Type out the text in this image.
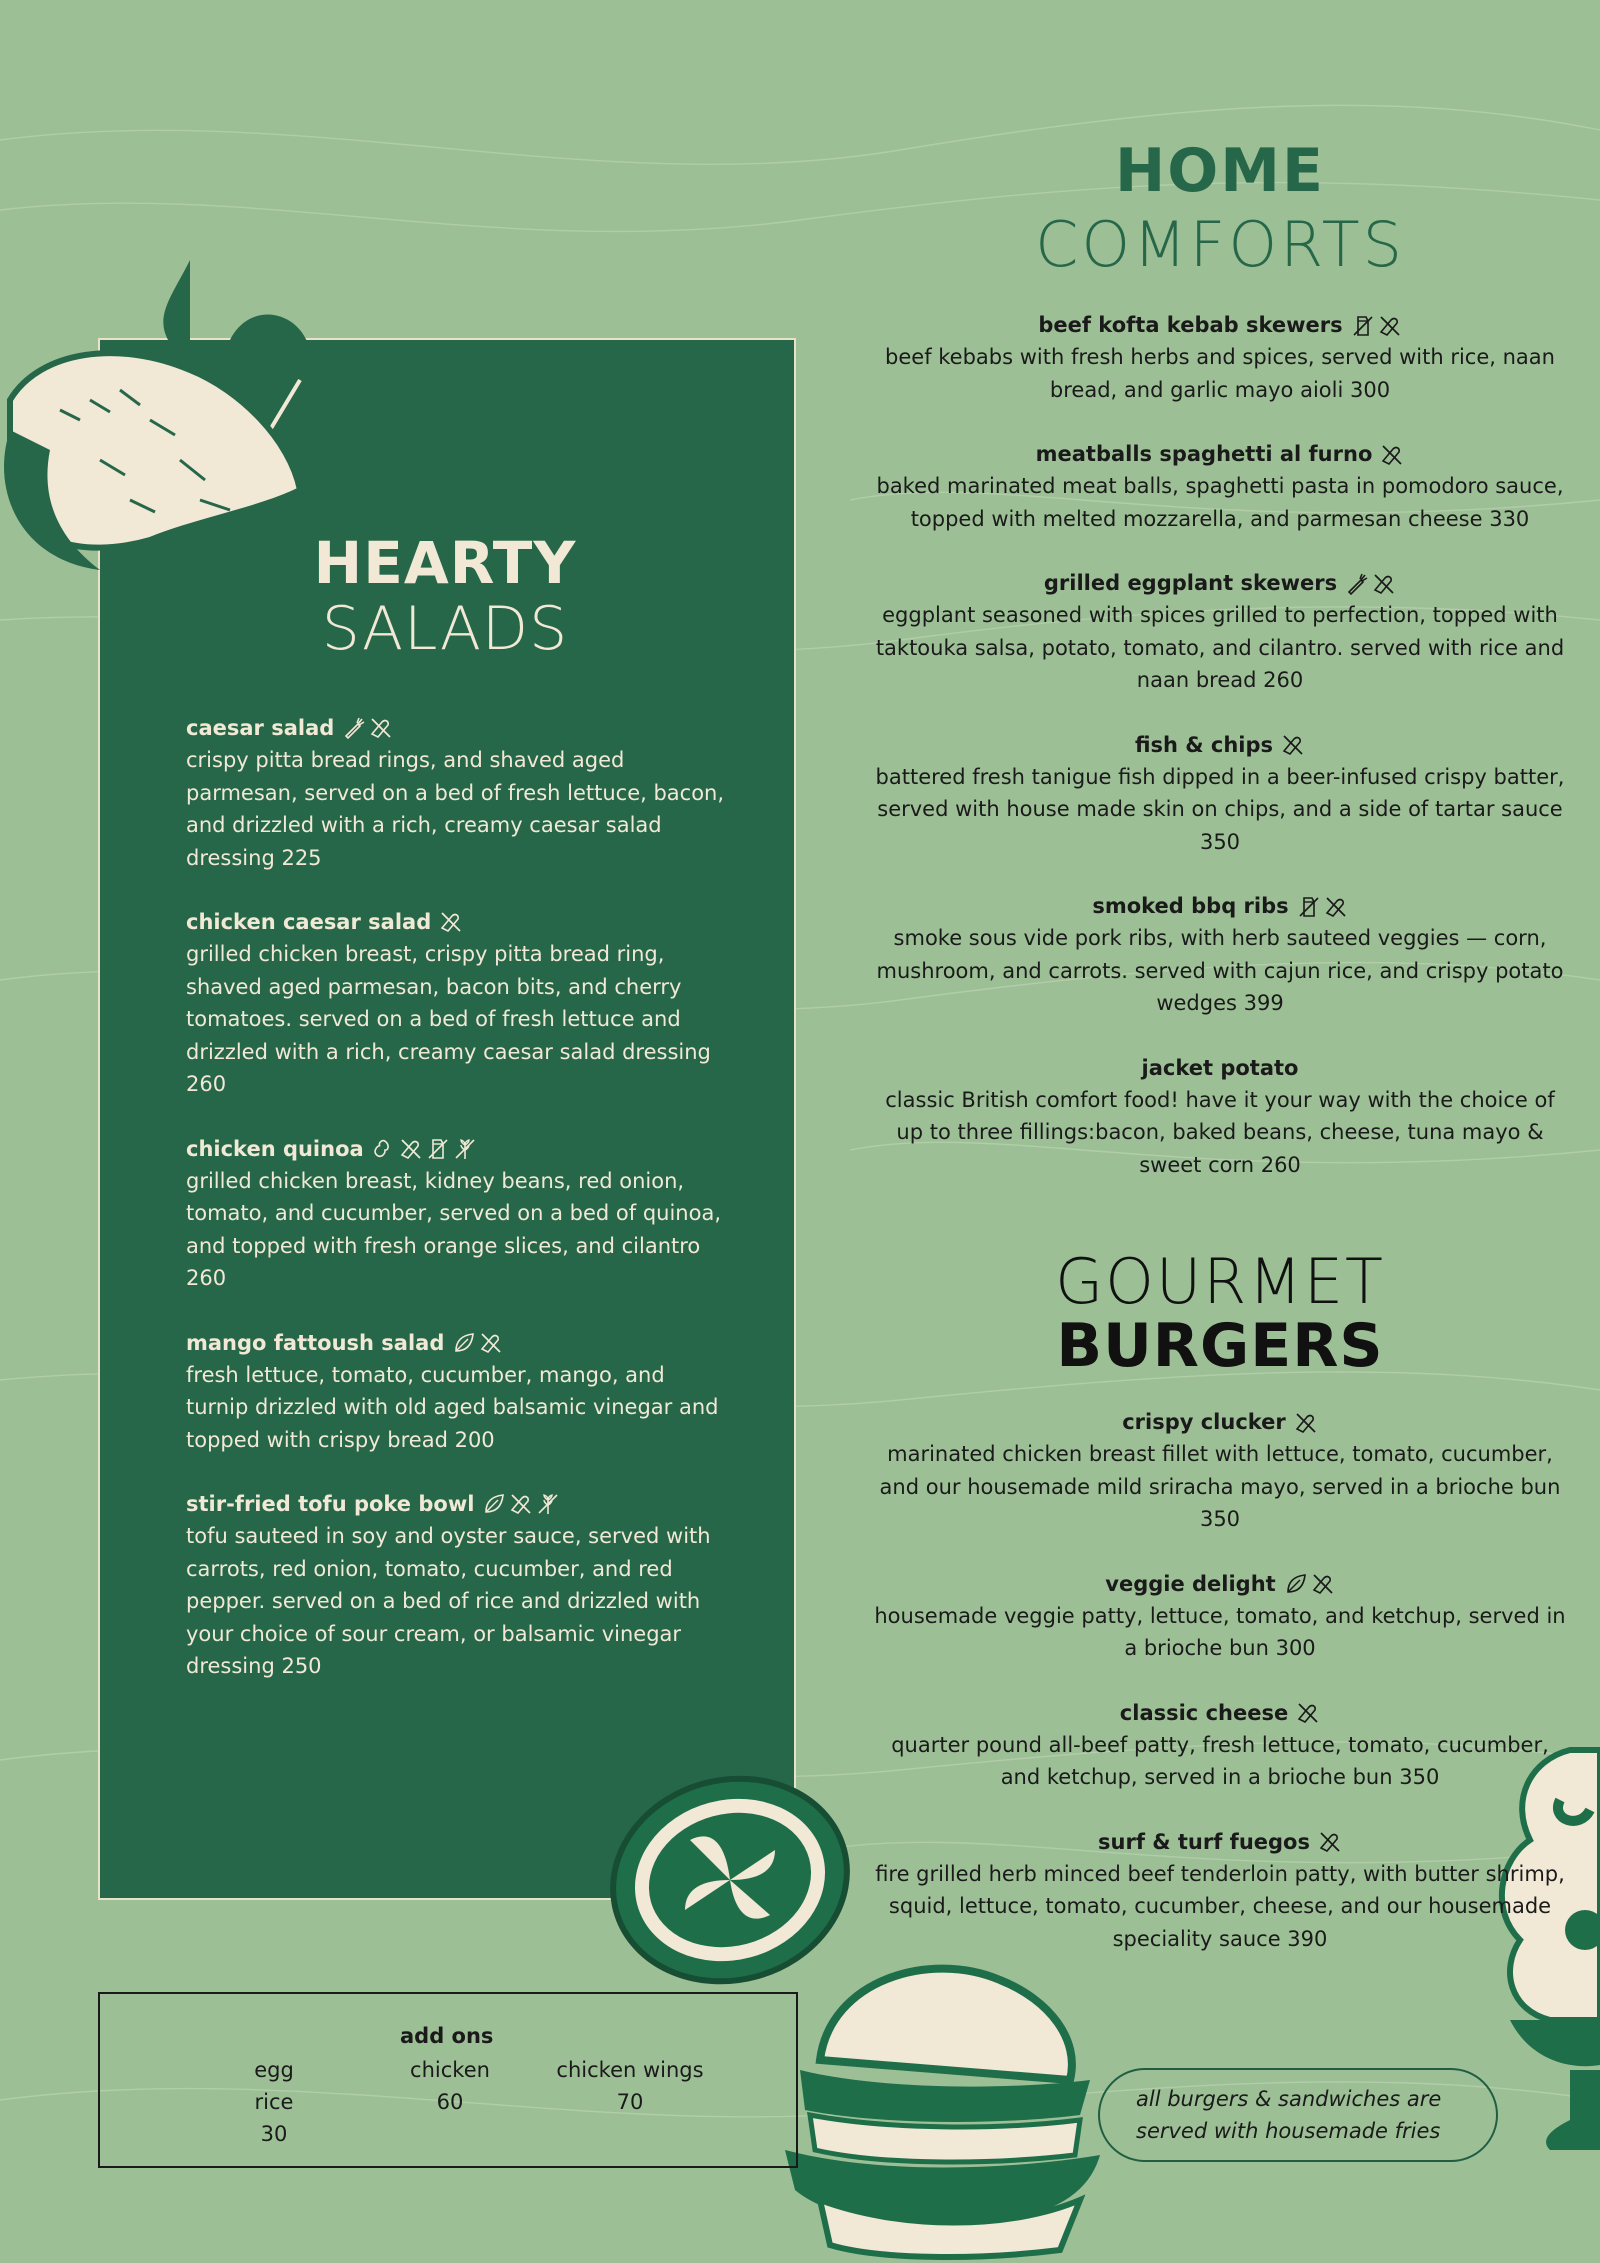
HEARTY
SALADS
caesar salad
crispy pitta bread rings, and shaved aged parmesan, served on a bed of fresh lettuce, bacon, and drizzled with a rich, creamy caesar salad dressing 225
chicken caesar salad
grilled chicken breast, crispy pitta bread ring, shaved aged parmesan, bacon bits, and cherry tomatoes. served on a bed of fresh lettuce and drizzled with a rich, creamy caesar salad dressing 260
chicken quinoa
grilled chicken breast, kidney beans, red onion, tomato, and cucumber, served on a bed of quinoa, and topped with fresh orange slices, and cilantro 260
mango fattoush salad
fresh lettuce, tomato, cucumber, mango, and turnip drizzled with old aged balsamic vinegar and topped with crispy bread 200
stir-fried tofu poke bowl
tofu sauteed in soy and oyster sauce, served with carrots, red onion, tomato, cucumber, and red pepper. served on a bed of rice and drizzled with your choice of sour cream, or balsamic vinegar dressing 250
add ons
egg
rice
30
chicken
60
chicken wings
70
HOME
COMFORTS
beef kofta kebab skewers
beef kebabs with fresh herbs and spices, served with rice, naan bread, and garlic mayo aioli 300
meatballs spaghetti al furno
baked marinated meat balls, spaghetti pasta in pomodoro sauce, topped with melted mozzarella, and parmesan cheese 330
grilled eggplant skewers
eggplant seasoned with spices grilled to perfection, topped with taktouka salsa, potato, tomato, and cilantro. served with rice and naan bread 260
fish & chips
battered fresh tanigue fish dipped in a beer-infused crispy batter, served with house made skin on chips, and a side of tartar sauce 350
smoked bbq ribs
smoke sous vide pork ribs, with herb sauteed veggies — corn, mushroom, and carrots. served with cajun rice, and crispy potato wedges 399
jacket potato
classic British comfort food! have it your way with the choice of up to three fillings:bacon, baked beans, cheese, tuna mayo & sweet corn 260
GOURMET
BURGERS
crispy clucker
marinated chicken breast fillet with lettuce, tomato, cucumber, and our housemade mild sriracha mayo, served in a brioche bun 350
veggie delight
housemade veggie patty, lettuce, tomato, and ketchup, served in a brioche bun 300
classic cheese
quarter pound all-beef patty, fresh lettuce, tomato, cucumber, and ketchup, served in a brioche bun 350
surf & turf fuegos
fire grilled herb minced beef tenderloin patty, with butter shrimp, squid, lettuce, tomato, cucumber, cheese, and our housemade speciality sauce 390
all burgers & sandwiches are served with housemade fries
